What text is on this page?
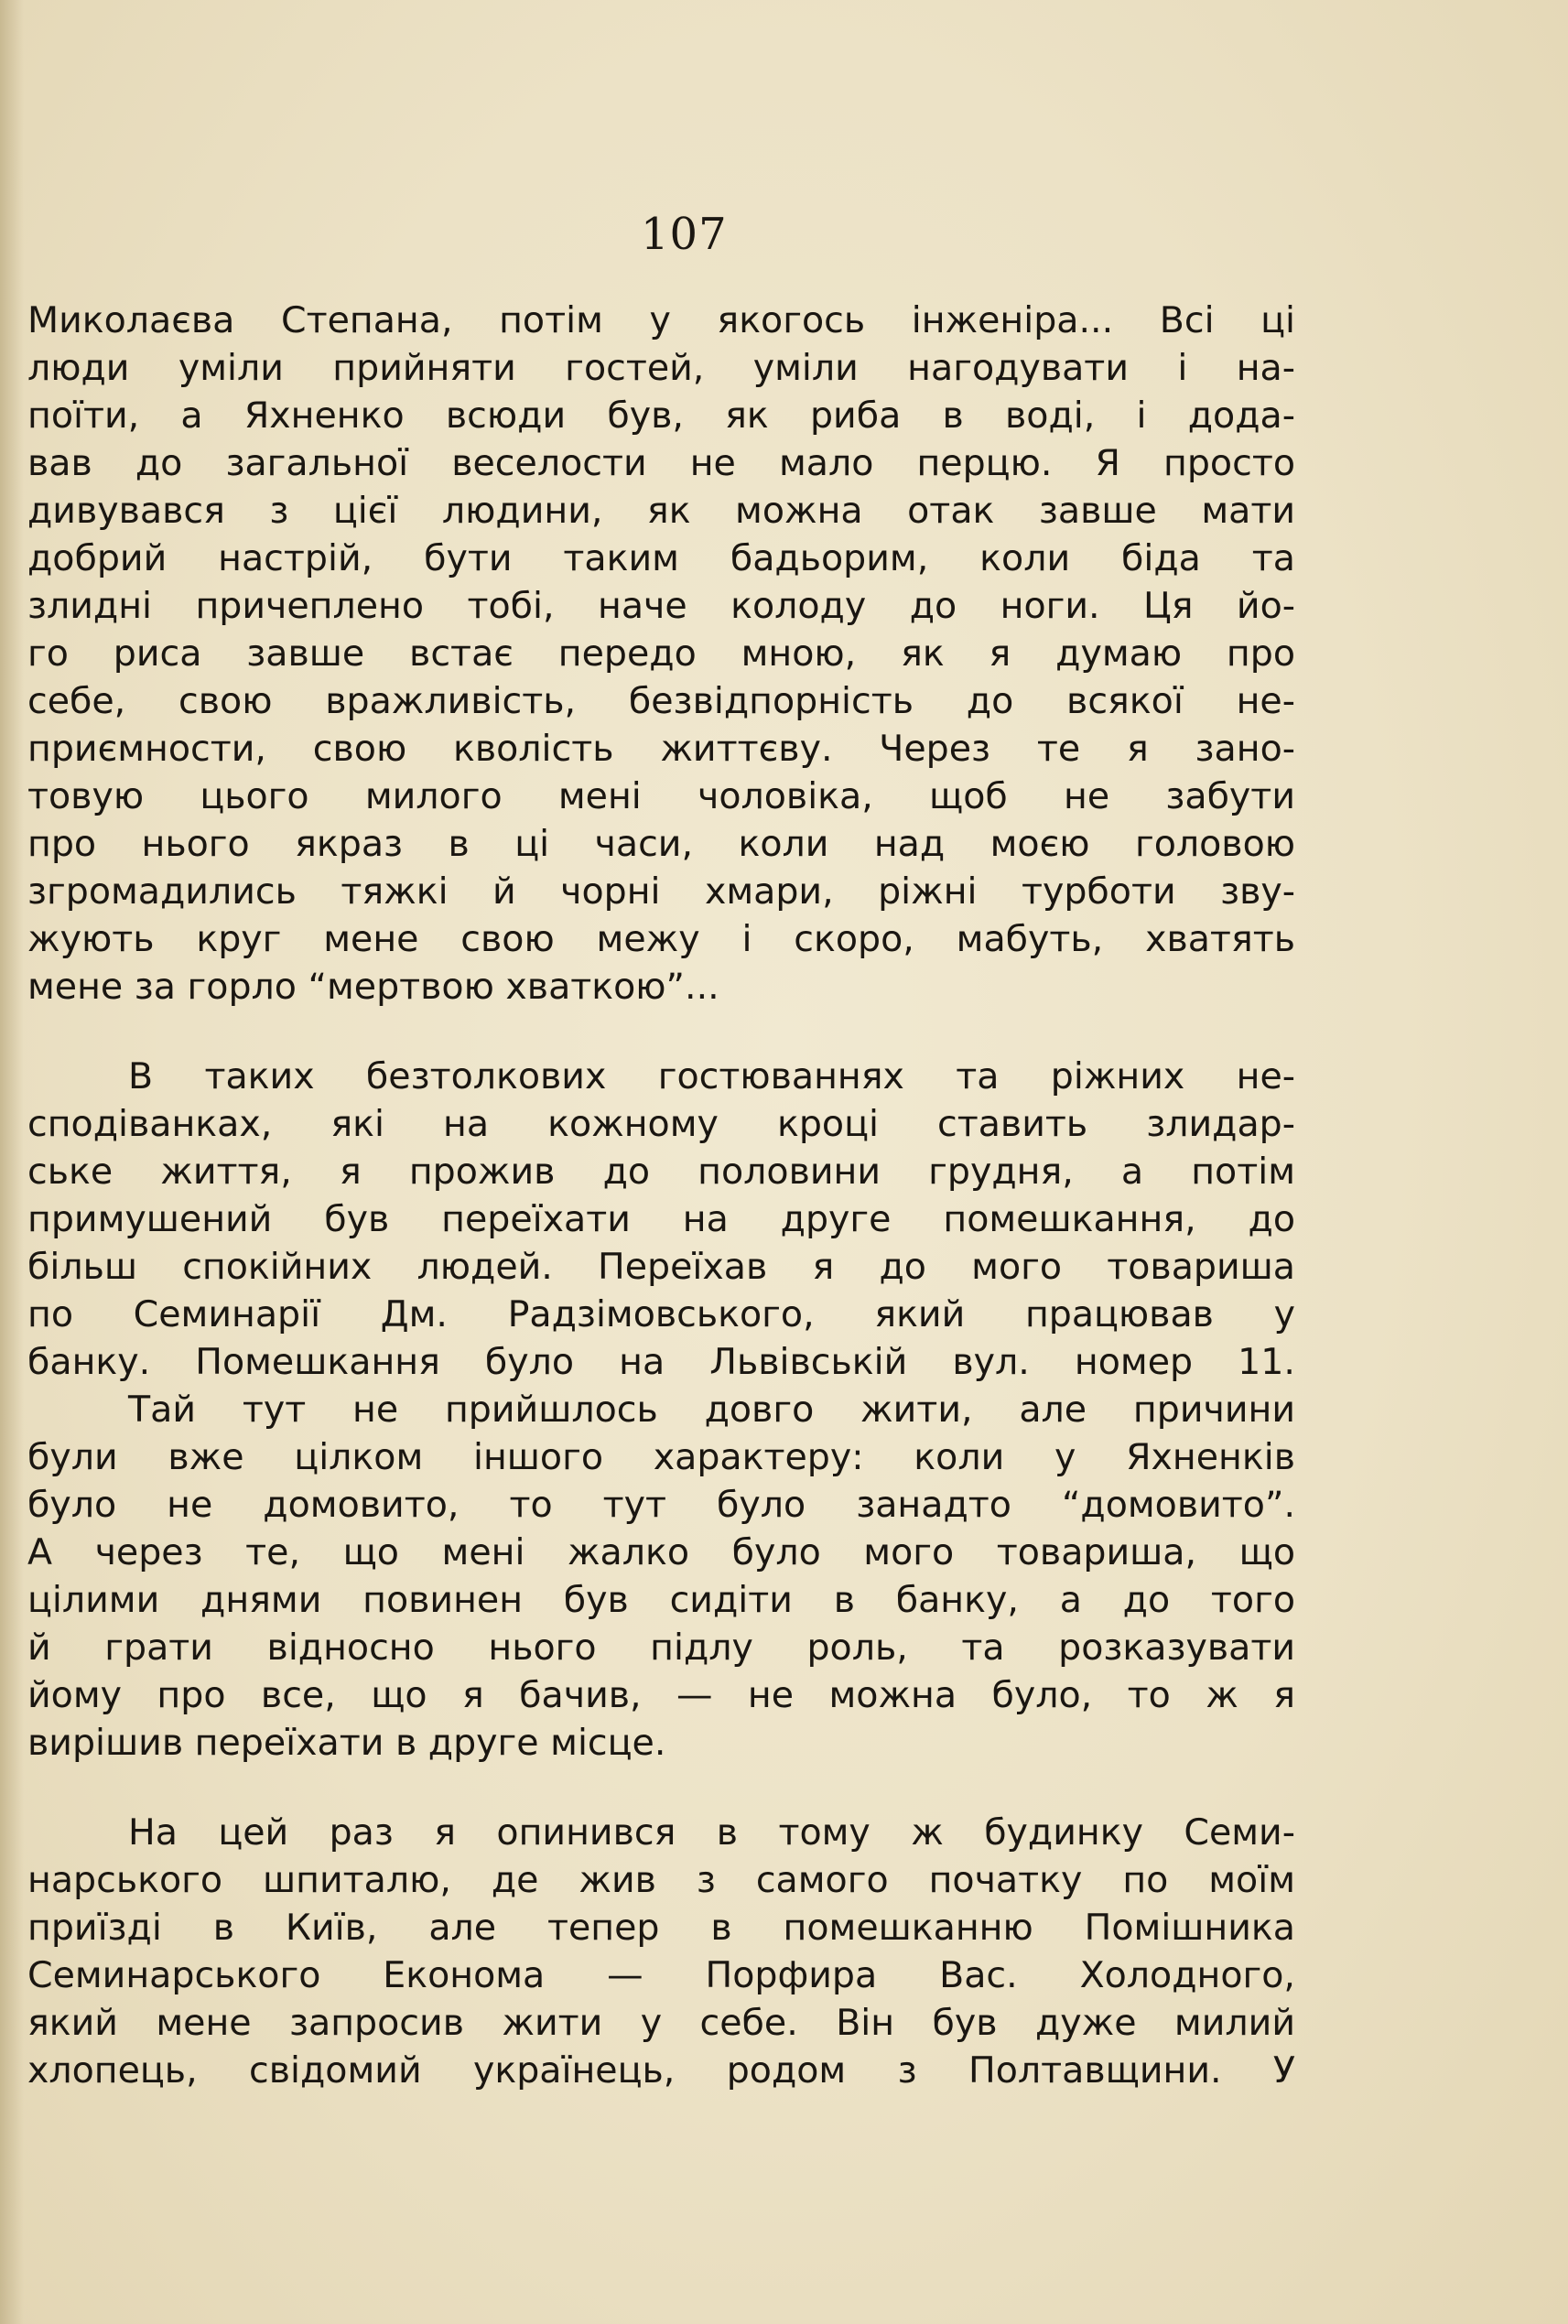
107
Миколаєва Степана, потім у якогось інженіра... Всі ці
люди уміли прийняти гостей, уміли нагодувати і на-
поїти, а Яхненко всюди був, як риба в воді, і додa-
вав до загальної веселости не мало перцю. Я просто
дивувався з цієї людини, як можна отак завше мати
добрий настрій, бути таким бадьорим, коли біда та
злидні причеплено тобі, наче колоду до ноги. Ця йо-
го риса завше встає передо мною, як я думаю про
себе, свою вражливість, безвідпорність до всякої не-
приємности, свою кволість життєву. Через те я зано-
товую цього милого мені чоловіка, щоб не забути
про нього якраз в ці часи, коли над моєю головою
згромадились тяжкі й чорні хмари, ріжні турботи зву-
жують круг мене свою межу і скоро, мабуть, хватять
мене за горло “мертвою хваткою”...
В таких безтолкових гостюваннях та ріжних не-
сподіванках, які на кожному кроці ставить злидар-
ське життя, я прожив до половини грудня, а потім
примушений був переїхати на друге помешкання, до
більш спокійних людей. Переїхав я до мого товариша
по Семинарії Дм. Радзімовського, який працював у
банку. Помешкання було на Львівській вул. номер 11.
Тай тут не прийшлось довго жити, але причини
були вже цілком іншого характеру: коли у Яхненків
було не домовито, то тут було занадто “домовито”.
А через те, що мені жалко було мого товариша, що
цілими днями повинен був сидіти в банку, а до того
й грати відносно нього підлу роль, та розказувати
йому про все, що я бачив, — не можна було, то ж я
вирішив переїхати в друге місце.
На цей раз я опинився в тому ж будинку Семи-
нарського шпиталю, де жив з самого початку по моїм
приїзді в Київ, але тепер в помешканню Помішника
Семинарського Економа — Порфира Вас. Холодного,
який мене запросив жити у себе. Він був дуже милий
хлопець, свідомий українець, родом з Полтавщини. У
